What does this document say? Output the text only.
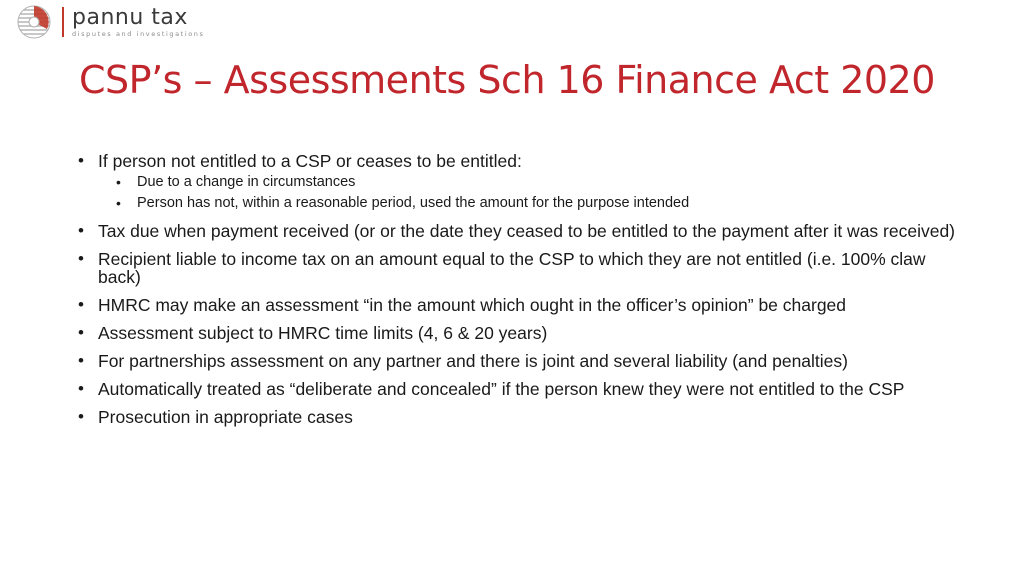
pannu tax
disputes and investigations
CSP’s – Assessments Sch 16 Finance Act 2020
• If person not entitled to a CSP or ceases to be entitled:
• Due to a change in circumstances
• Person has not, within a reasonable period, used the amount for the purpose intended
• Tax due when payment received (or or the date they ceased to be entitled to the payment after it was received)
• Recipient liable to income tax on an amount equal to the CSP to which they are not entitled (i.e. 100% claw back)
• HMRC may make an assessment “in the amount which ought in the officer’s opinion” be charged
• Assessment subject to HMRC time limits (4, 6 & 20 years)
• For partnerships assessment on any partner and there is joint and several liability (and penalties)
• Automatically treated as “deliberate and concealed” if the person knew they were not entitled to the CSP
• Prosecution in appropriate cases
